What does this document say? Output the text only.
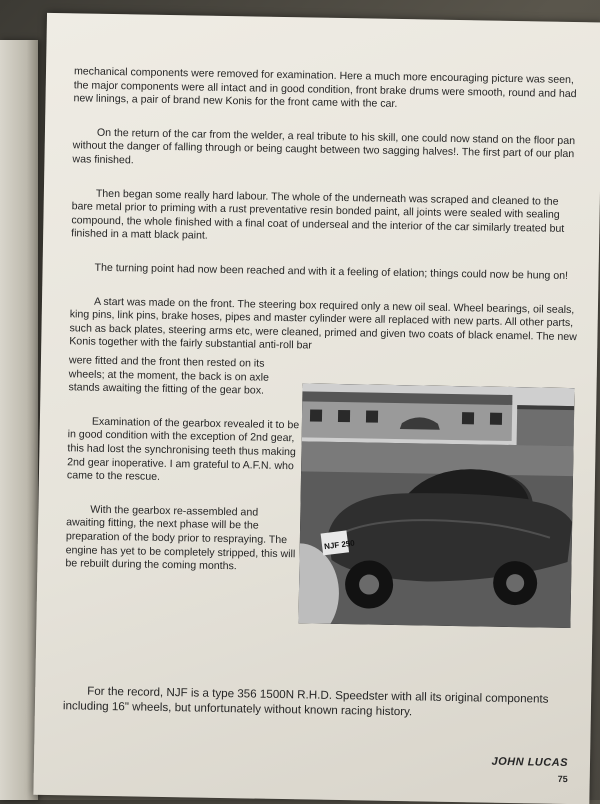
mechanical components were removed for examination. Here a much more encouraging picture was seen, the major components were all intact and in good condition, front brake drums were smooth, round and had new linings, a pair of brand new Konis for the front came with the car.

On the return of the car from the welder, a real tribute to his skill, one could now stand on the floor pan without the danger of falling through or being caught between two sagging halves!. The first part of our plan was finished.

Then began some really hard labour. The whole of the underneath was scraped and cleaned to the bare metal prior to priming with a rust preventative resin bonded paint, all joints were sealed with sealing compound, the whole finished with a final coat of underseal and the interior of the car similarly treated but finished in a matt black paint.

The turning point had now been reached and with it a feeling of elation; things could now be hung on!

A start was made on the front. The steering box required only a new oil seal. Wheel bearings, oil seals, king pins, link pins, brake hoses, pipes and master cylinder were all replaced with new parts. All other parts, such as back plates, steering arms etc, were cleaned, primed and given two coats of black enamel. The new Konis together with the fairly substantial anti-roll bar

were fitted and the front then rested on its wheels; at the moment, the back is on axle stands awaiting the fitting of the gear box.

Examination of the gearbox revealed it to be in good condition with the exception of 2nd gear, this had lost the synchronising teeth thus making 2nd gear inoperative. I am grateful to A.F.N. who came to the rescue.

With the gearbox re-assembled and awaiting fitting, the next phase will be the preparation of the body prior to respraying. The engine has yet to be completely stripped, this will be rebuilt during the coming months.

NJF 250

For the record, NJF is a type 356 1500N R.H.D. Speedster with all its original components including 16" wheels, but unfortunately without known racing history.

JOHN LUCAS
75
